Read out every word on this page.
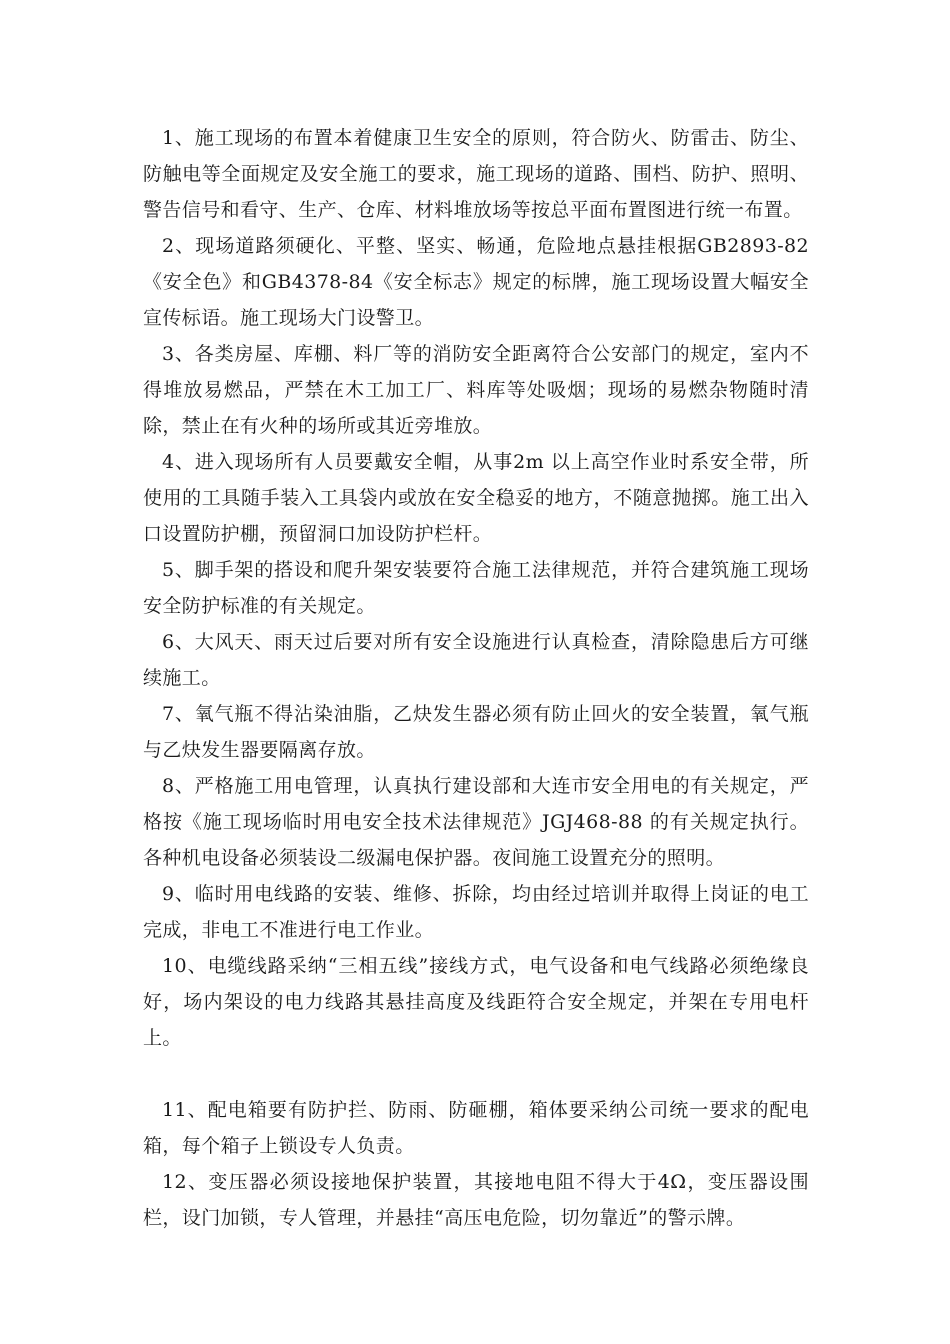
1、施工现场的布置本着健康卫生安全的原则，符合防火、防雷击、防尘、防触电等全面规定及安全施工的要求，施工现场的道路、围档、防护、照明、警告信号和看守、生产、仓库、材料堆放场等按总平面布置图进行统一布置。

2、现场道路须硬化、平整、坚实、畅通，危险地点悬挂根据GB2893-82《安全色》和GB4378-84《安全标志》规定的标牌，施工现场设置大幅安全宣传标语。施工现场大门设警卫。

3、各类房屋、库棚、料厂等的消防安全距离符合公安部门的规定，室内不得堆放易燃品，严禁在木工加工厂、料库等处吸烟；现场的易燃杂物随时清除，禁止在有火种的场所或其近旁堆放。

4、进入现场所有人员要戴安全帽，从事2m 以上高空作业时系安全带，所使用的工具随手装入工具袋内或放在安全稳妥的地方，不随意抛掷。施工出入口设置防护棚，预留洞口加设防护栏杆。

5、脚手架的搭设和爬升架安装要符合施工法律规范，并符合建筑施工现场安全防护标准的有关规定。

6、大风天、雨天过后要对所有安全设施进行认真检查，清除隐患后方可继续施工。

7、氧气瓶不得沾染油脂，乙炔发生器必须有防止回火的安全装置，氧气瓶与乙炔发生器要隔离存放。

8、严格施工用电管理，认真执行建设部和大连市安全用电的有关规定，严格按《施工现场临时用电安全技术法律规范》JGJ468-88 的有关规定执行。各种机电设备必须装设二级漏电保护器。夜间施工设置充分的照明。

9、临时用电线路的安装、维修、拆除，均由经过培训并取得上岗证的电工完成，非电工不准进行电工作业。

10、电缆线路采纳“三相五线”接线方式，电气设备和电气线路必须绝缘良好，场内架设的电力线路其悬挂高度及线距符合安全规定，并架在专用电杆上。

11、配电箱要有防护拦、防雨、防砸棚，箱体要采纳公司统一要求的配电箱，每个箱子上锁设专人负责。

12、变压器必须设接地保护装置，其接地电阻不得大于4Ω，变压器设围栏，设门加锁，专人管理，并悬挂“高压电危险，切勿靠近”的警示牌。
